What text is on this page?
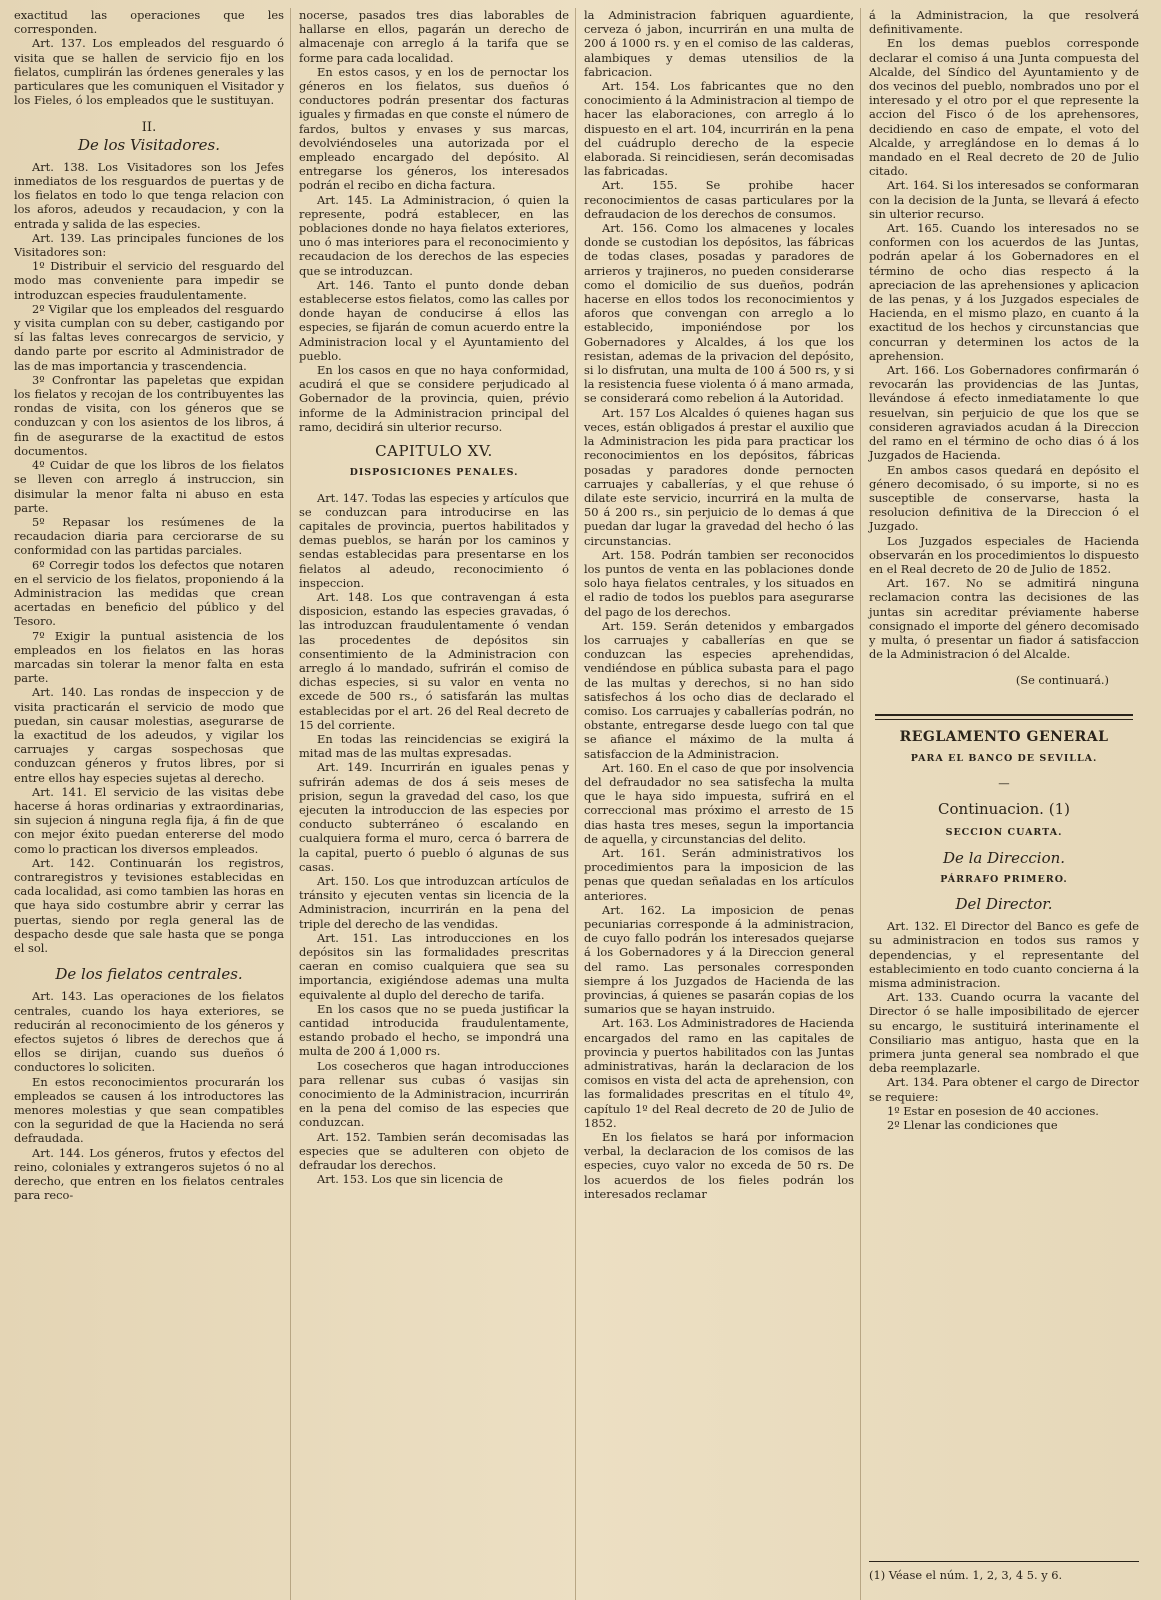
exactitud las operaciones que les corresponden.

Art. 137. Los empleados del resguardo ó visita que se hallen de servicio fijo en los fielatos, cumplirán las órdenes generales y las particulares que les comuniquen el Visitador y los Fieles, ó los empleados que le sustituyan.

II.
De los Visitadores.

Art. 138. Los Visitadores son los Jefes inmediatos de los resguardos de puertas y de los fielatos en todo lo que tenga relacion con los aforos, adeudos y recaudacion, y con la entrada y salida de las especies.

Art. 139. Las principales funciones de los Visitadores son:

1º Distribuir el servicio del resguardo del modo mas conveniente para impedir se introduzcan especies fraudulentamente.

2º Vigilar que los empleados del resguardo y visita cumplan con su deber, castigando por sí las faltas leves conrecargos de servicio, y dando parte por escrito al Administrador de las de mas importancia y trascendencia.

3º Confrontar las papeletas que expidan los fielatos y recojan de los contribuyentes las rondas de visita, con los géneros que se conduzcan y con los asientos de los libros, á fin de asegurarse de la exactitud de estos documentos.

4º Cuidar de que los libros de los fielatos se lleven con arreglo á instruccion, sin disimular la menor falta ni abuso en esta parte.

5º Repasar los resúmenes de la recaudacion diaria para cerciorarse de su conformidad con las partidas parciales.

6º Corregir todos los defectos que notaren en el servicio de los fielatos, proponiendo á la Administracion las medidas que crean acertadas en beneficio del público y del Tesoro.

7º Exigir la puntual asistencia de los empleados en los fielatos en las horas marcadas sin tolerar la menor falta en esta parte.

Art. 140. Las rondas de inspeccion y de visita practicarán el servicio de modo que puedan, sin causar molestias, asegurarse de la exactitud de los adeudos, y vigilar los carruajes y cargas sospechosas que conduzcan géneros y frutos libres, por si entre ellos hay especies sujetas al derecho.

Art. 141. El servicio de las visitas debe hacerse á horas ordinarias y extraordinarias, sin sujecion á ninguna regla fija, á fin de que con mejor éxito puedan entererse del modo como lo practican los diversos empleados.

Art. 142. Continuarán los registros, contraregistros y tevisiones establecidas en cada localidad, asi como tambien las horas en que haya sido costumbre abrir y cerrar las puertas, siendo por regla general las de despacho desde que sale hasta que se ponga el sol.

De los fielatos centrales.

Art. 143. Las operaciones de los fielatos centrales, cuando los haya exteriores, se reducirán al reconocimiento de los géneros y efectos sujetos ó libres de derechos que á ellos se dirijan, cuando sus dueños ó conductores lo soliciten.

En estos reconocimientos procurarán los empleados se causen á los introductores las menores molestias y que sean compatibles con la seguridad de que la Hacienda no será defraudada.

Art. 144. Los géneros, frutos y efectos del reino, coloniales y extrangeros sujetos ó no al derecho, que entren en los fielatos centrales para reco-

nocerse, pasados tres dias laborables de hallarse en ellos, pagarán un derecho de almacenaje con arreglo á la tarifa que se forme para cada localidad.

En estos casos, y en los de pernoctar los géneros en los fielatos, sus dueños ó conductores podrán presentar dos facturas iguales y firmadas en que conste el número de fardos, bultos y envases y sus marcas, devolviéndoseles una autorizada por el empleado encargado del depósito. Al entregarse los géneros, los interesados podrán el recibo en dicha factura.

Art. 145. La Administracion, ó quien la represente, podrá establecer, en las poblaciones donde no haya fielatos exteriores, uno ó mas interiores para el reconocimiento y recaudacion de los derechos de las especies que se introduzcan.

Art. 146. Tanto el punto donde deban establecerse estos fielatos, como las calles por donde hayan de conducirse á ellos las especies, se fijarán de comun acuerdo entre la Administracion local y el Ayuntamiento del pueblo.

En los casos en que no haya conformidad, acudirá el que se considere perjudicado al Gobernador de la provincia, quien, prévio informe de la Administracion principal del ramo, decidirá sin ulterior recurso.

CAPITULO XV.
DISPOSICIONES PENALES.

Art. 147. Todas las especies y artículos que se conduzcan para introducirse en las capitales de provincia, puertos habilitados y demas pueblos, se harán por los caminos y sendas establecidas para presentarse en los fielatos al adeudo, reconocimiento ó inspeccion.

Art. 148. Los que contravengan á esta disposicion, estando las especies gravadas, ó las introduzcan fraudulentamente ó vendan las procedentes de depósitos sin consentimiento de la Administracion con arreglo á lo mandado, sufrirán el comiso de dichas especies, si su valor en venta no excede de 500 rs., ó satisfarán las multas establecidas por el art. 26 del Real decreto de 15 del corriente.

En todas las reincidencias se exigirá la mitad mas de las multas expresadas.

Art. 149. Incurrirán en iguales penas y sufrirán ademas de dos á seis meses de prision, segun la gravedad del caso, los que ejecuten la introduccion de las especies por conducto subterráneo ó escalando en cualquiera forma el muro, cerca ó barrera de la capital, puerto ó pueblo ó algunas de sus casas.

Art. 150. Los que introduzcan artículos de tránsito y ejecuten ventas sin licencia de la Administracion, incurrirán en la pena del triple del derecho de las vendidas.

Art. 151. Las introducciones en los depósitos sin las formalidades prescritas caeran en comiso cualquiera que sea su importancia, exigiéndose ademas una multa equivalente al duplo del derecho de tarifa.

En los casos que no se pueda justificar la cantidad introducida fraudulentamente, estando probado el hecho, se impondrá una multa de 200 á 1,000 rs.

Los cosecheros que hagan introducciones para rellenar sus cubas ó vasijas sin conocimiento de la Administracion, incurrirán en la pena del comiso de las especies que conduzcan.

Art. 152. Tambien serán decomisadas las especies que se adulteren con objeto de defraudar los derechos.

Art. 153. Los que sin licencia de

la Administracion fabriquen aguardiente, cerveza ó jabon, incurrirán en una multa de 200 á 1000 rs. y en el comiso de las calderas, alambiques y demas utensilios de la fabricacion.

Art. 154. Los fabricantes que no den conocimiento á la Administracion al tiempo de hacer las elaboraciones, con arreglo á lo dispuesto en el art. 104, incurrirán en la pena del cuádruplo derecho de la especie elaborada. Si reincidiesen, serán decomisadas las fabricadas.

Art. 155. Se prohibe hacer reconocimientos de casas particulares por la defraudacion de los derechos de consumos.

Art. 156. Como los almacenes y locales donde se custodian los depósitos, las fábricas de todas clases, posadas y paradores de arrieros y trajineros, no pueden considerarse como el domicilio de sus dueños, podrán hacerse en ellos todos los reconocimientos y aforos que convengan con arreglo a lo establecido, imponiéndose por los Gobernadores y Alcaldes, á los que los resistan, ademas de la privacion del depósito, si lo disfrutan, una multa de 100 á 500 rs, y si la resistencia fuese violenta ó á mano armada, se considerará como rebelion á la Autoridad.

Art. 157 Los Alcaldes ó quienes hagan sus veces, están obligados á prestar el auxilio que la Administracion les pida para practicar los reconocimientos en los depósitos, fábricas posadas y paradores donde pernocten carruajes y caballerías, y el que rehuse ó dilate este servicio, incurrirá en la multa de 50 á 200 rs., sin perjuicio de lo demas á que puedan dar lugar la gravedad del hecho ó las circunstancias.

Art. 158. Podrán tambien ser reconocidos los puntos de venta en las poblaciones donde solo haya fielatos centrales, y los situados en el radio de todos los pueblos para asegurarse del pago de los derechos.

Art. 159. Serán detenidos y embargados los carruajes y caballerías en que se conduzcan las especies aprehendidas, vendiéndose en pública subasta para el pago de las multas y derechos, si no han sido satisfechos á los ocho dias de declarado el comiso. Los carruajes y caballerías podrán, no obstante, entregarse desde luego con tal que se afiance el máximo de la multa á satisfaccion de la Administracion.

Art. 160. En el caso de que por insolvencia del defraudador no sea satisfecha la multa que le haya sido impuesta, sufrirá en el correccional mas próximo el arresto de 15 dias hasta tres meses, segun la importancia de aquella, y circunstancias del delito.

Art. 161. Serán administrativos los procedimientos para la imposicion de las penas que quedan señaladas en los artículos anteriores.

Art. 162. La imposicion de penas pecuniarias corresponde á la administracion, de cuyo fallo podrán los interesados quejarse á los Gobernadores y á la Direccion general del ramo. Las personales corresponden siempre á los Juzgados de Hacienda de las provincias, á quienes se pasarán copias de los sumarios que se hayan instruido.

Art. 163. Los Administradores de Hacienda encargados del ramo en las capitales de provincia y puertos habilitados con las Juntas administrativas, harán la declaracion de los comisos en vista del acta de aprehension, con las formalidades prescritas en el título 4º, capítulo 1º del Real decreto de 20 de Julio de 1852.

En los fielatos se hará por informacion verbal, la declaracion de los comisos de las especies, cuyo valor no exceda de 50 rs. De los acuerdos de los fieles podrán los interesados reclamar

á la Administracion, la que resolverá definitivamente.

En los demas pueblos corresponde declarar el comiso á una Junta compuesta del Alcalde, del Síndico del Ayuntamiento y de dos vecinos del pueblo, nombrados uno por el interesado y el otro por el que represente la accion del Fisco ó de los aprehensores, decidiendo en caso de empate, el voto del Alcalde, y arreglándose en lo demas á lo mandado en el Real decreto de 20 de Julio citado.

Art. 164. Si los interesados se conformaran con la decision de la Junta, se llevará á efecto sin ulterior recurso.

Art. 165. Cuando los interesados no se conformen con los acuerdos de las Juntas, podrán apelar á los Gobernadores en el término de ocho dias respecto á la apreciacion de las aprehensiones y aplicacion de las penas, y á los Juzgados especiales de Hacienda, en el mismo plazo, en cuanto á la exactitud de los hechos y circunstancias que concurran y determinen los actos de la aprehension.

Art. 166. Los Gobernadores confirmarán ó revocarán las providencias de las Juntas, llevándose á efecto inmediatamente lo que resuelvan, sin perjuicio de que los que se consideren agraviados acudan á la Direccion del ramo en el término de ocho dias ó á los Juzgados de Hacienda.

En ambos casos quedará en depósito el género decomisado, ó su importe, si no es susceptible de conservarse, hasta la resolucion definitiva de la Direccion ó el Juzgado.

Los Juzgados especiales de Hacienda observarán en los procedimientos lo dispuesto en el Real decreto de 20 de Julio de 1852.

Art. 167. No se admitirá ninguna reclamacion contra las decisiones de las juntas sin acreditar préviamente haberse consignado el importe del género decomisado y multa, ó presentar un fiador á satisfaccion de la Administracion ó del Alcalde.

(Se continuará.)
REGLAMENTO GENERAL
PARA EL BANCO DE SEVILLA.
—
Continuacion. (1)
SECCION CUARTA.
De la Direccion.
PÁRRAFO PRIMERO.
Del Director.

Art. 132. El Director del Banco es gefe de su administracion en todos sus ramos y dependencias, y el representante del establecimiento en todo cuanto concierna á la misma administracion.

Art. 133. Cuando ocurra la vacante del Director ó se halle imposibilitado de ejercer su encargo, le sustituirá interinamente el Consiliario mas antiguo, hasta que en la primera junta general sea nombrado el que deba reemplazarle.

Art. 134. Para obtener el cargo de Director se requiere:

1º Estar en posesion de 40 acciones.

2º Llenar las condiciones que

(1) Véase el núm. 1, 2, 3, 4 5. y 6.
